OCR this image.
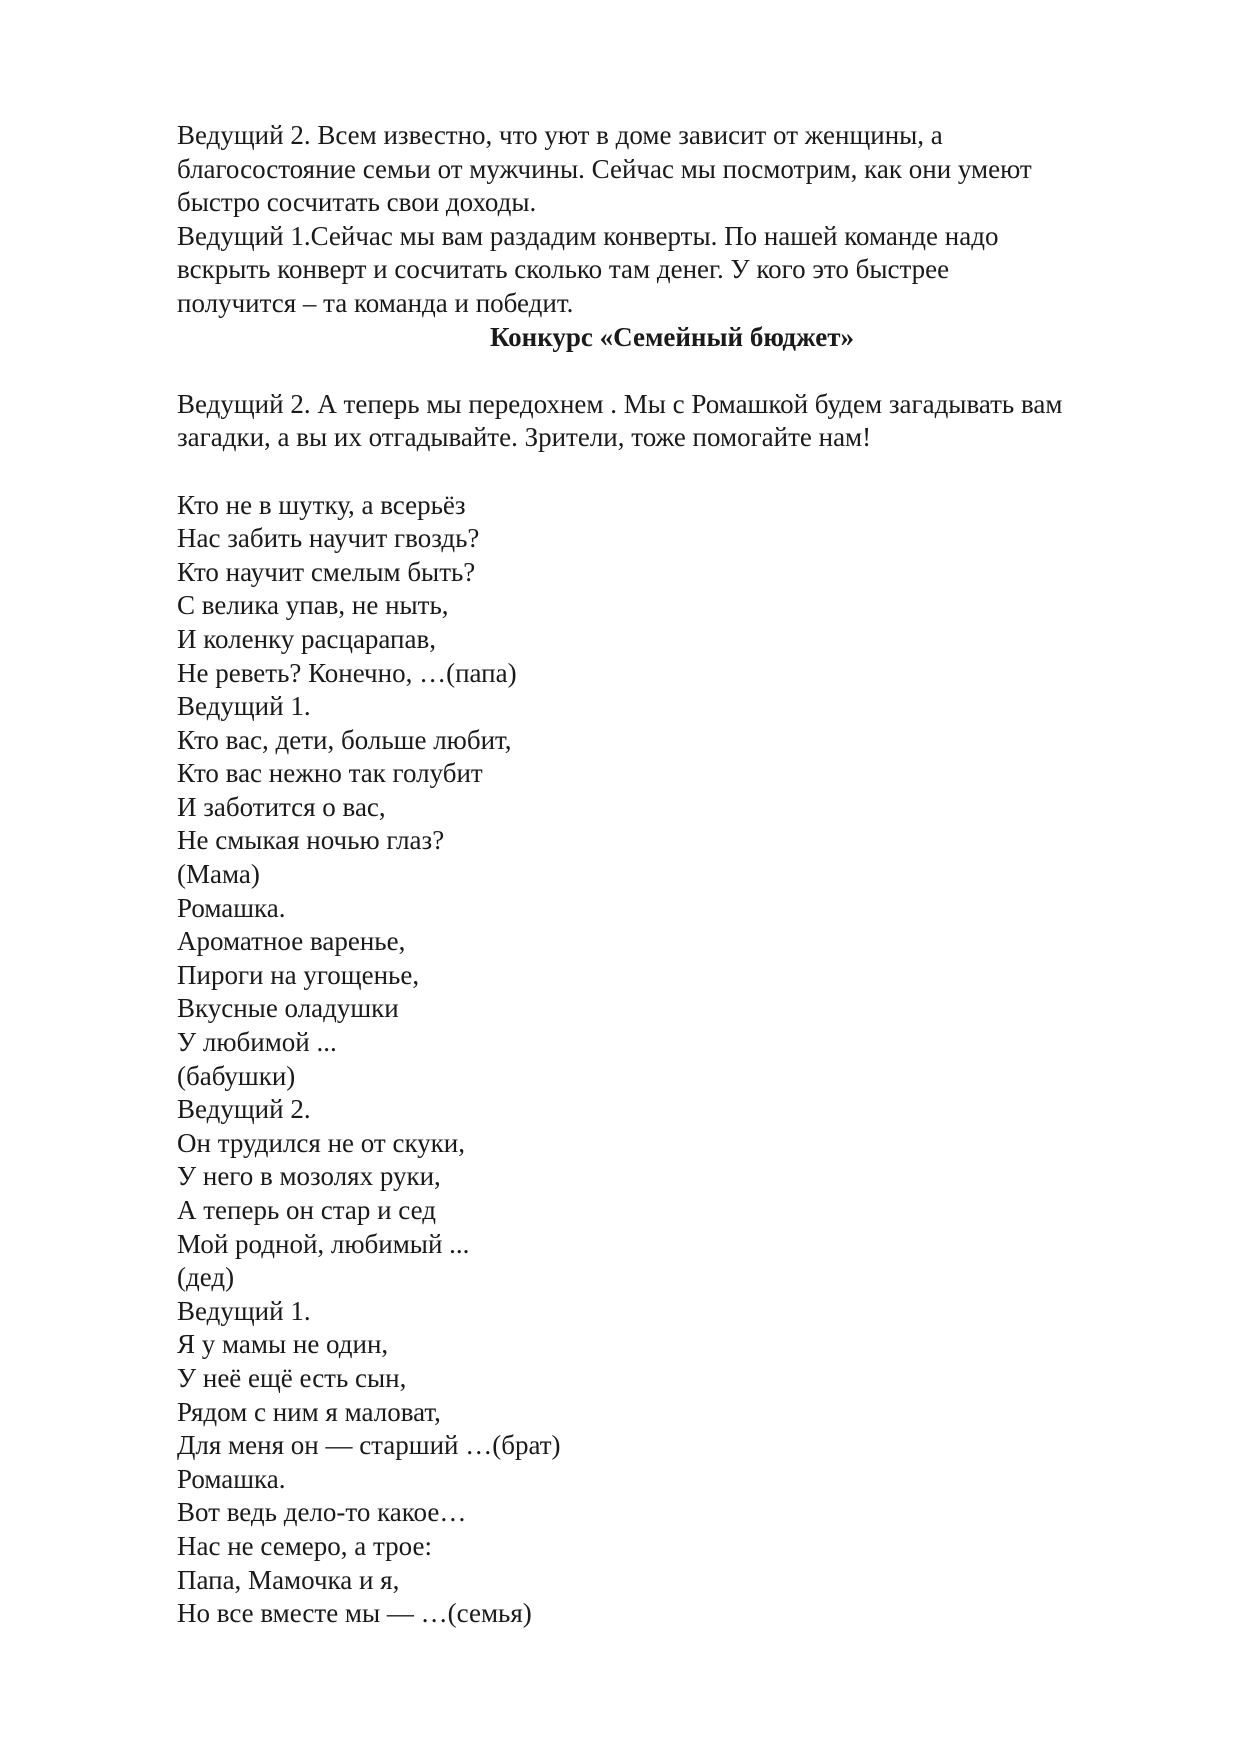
Ведущий 2. Всем известно, что уют в доме зависит от женщины, а
благосостояние семьи от мужчины. Сейчас мы посмотрим, как они умеют
быстро сосчитать свои доходы.
Ведущий 1.Сейчас мы вам раздадим конверты. По нашей команде надо
вскрыть конверт и сосчитать сколько там денег. У кого это быстрее
получится – та команда и победит.
Конкурс «Семейный бюджет»
Ведущий 2. А теперь мы передохнем . Мы с Ромашкой будем загадывать вам
загадки, а вы их отгадывайте. Зрители, тоже помогайте нам!
Кто не в шутку, а всерьёз
Нас забить научит гвоздь?
Кто научит смелым быть?
С велика упав, не ныть,
И коленку расцарапав,
Не реветь? Конечно, …(папа)
Ведущий 1.
Кто вас, дети, больше любит,
Кто вас нежно так голубит
И заботится о вас,
Не смыкая ночью глаз?
(Мама)
Ромашка.
Ароматное варенье,
Пироги на угощенье,
Вкусные оладушки
У любимой ...
(бабушки)
Ведущий 2.
Он трудился не от скуки,
У него в мозолях руки,
А теперь он стар и сед
Мой родной, любимый ...
(дед)
Ведущий 1.
Я у мамы не один,
У неё ещё есть сын,
Рядом с ним я маловат,
Для меня он — старший …(брат)
Ромашка.
Вот ведь дело-то какое…
Нас не семеро, а трое:
Папа, Мамочка и я,
Но все вместе мы — …(семья)
